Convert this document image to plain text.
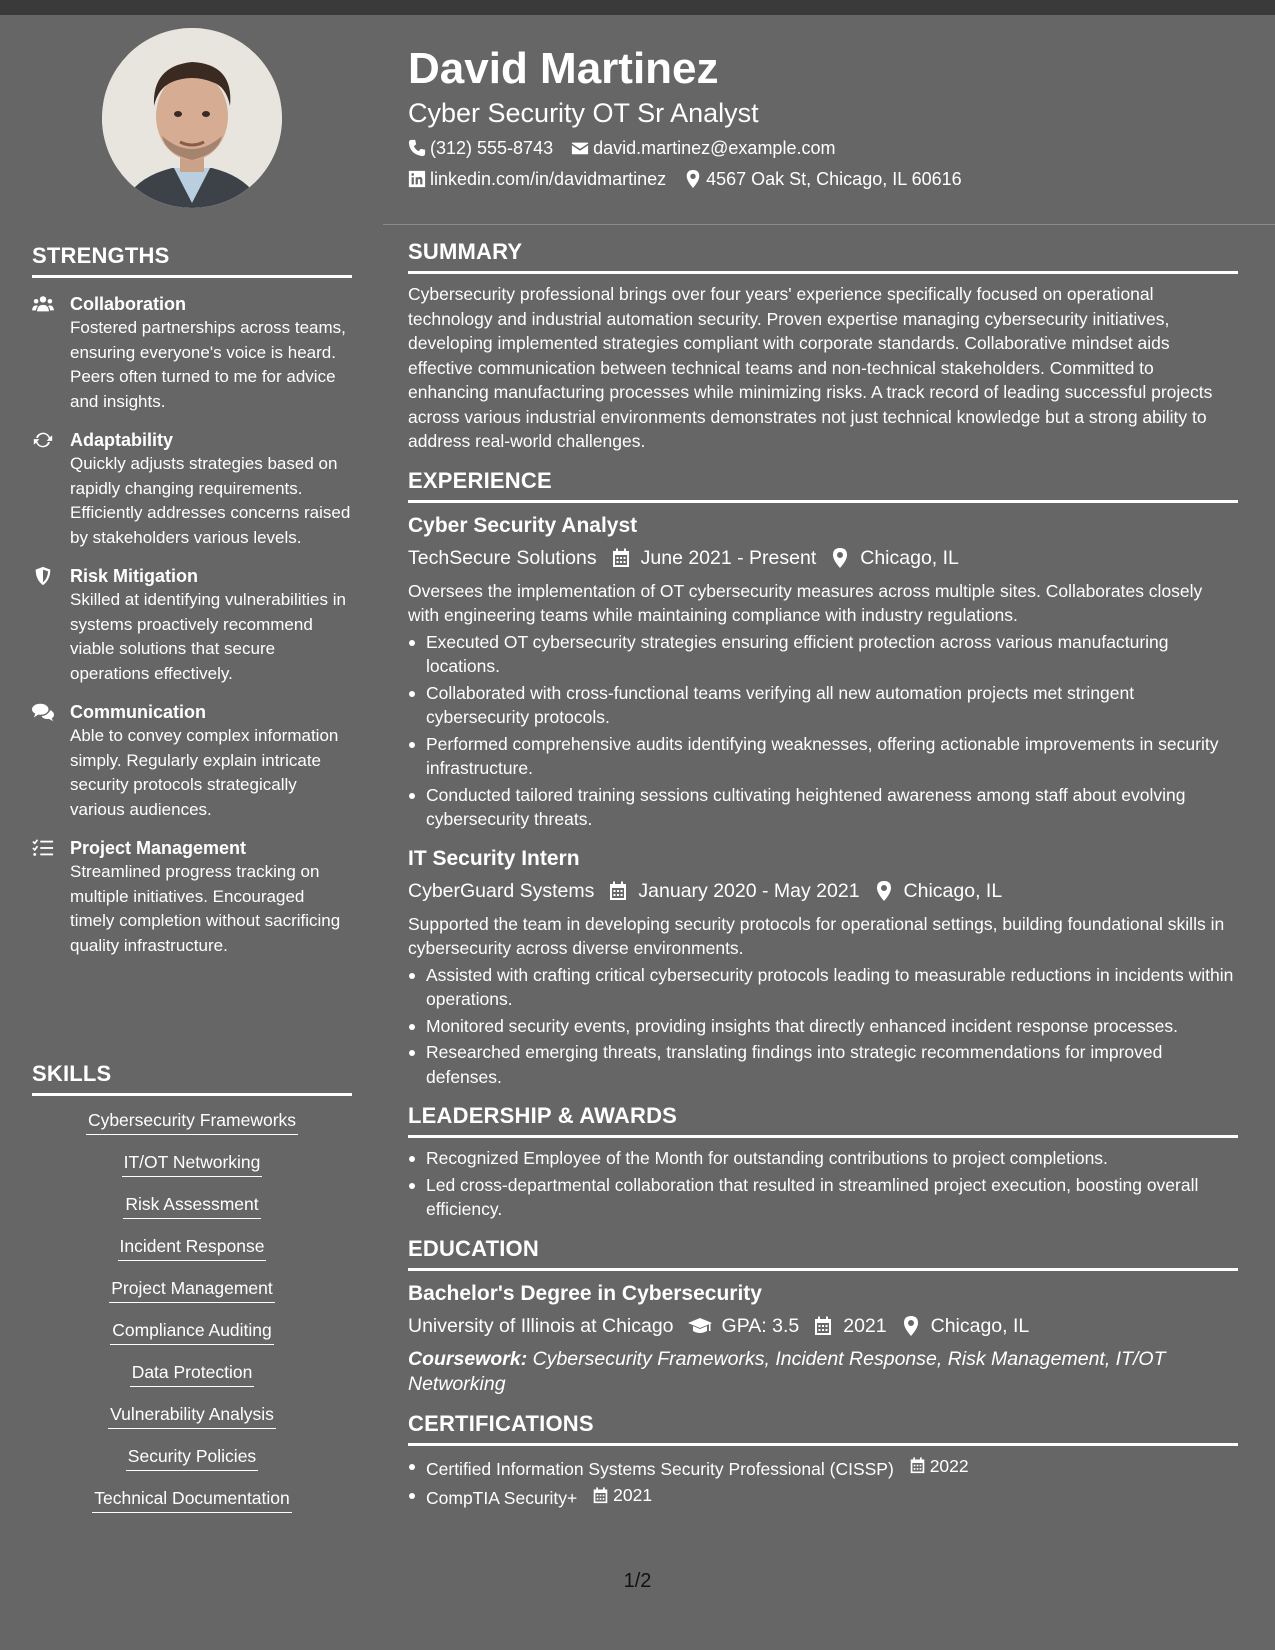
STRENGTHS
Collaboration
Fostered partnerships across teams, ensuring everyone's voice is heard. Peers often turned to me for advice and insights.
Adaptability
Quickly adjusts strategies based on rapidly changing requirements. Efficiently addresses concerns raised by stakeholders various levels.
Risk Mitigation
Skilled at identifying vulnerabilities in systems proactively recommend viable solutions that secure operations effectively.
Communication
Able to convey complex information simply. Regularly explain intricate security protocols strategically various audiences.
Project Management
Streamlined progress tracking on multiple initiatives. Encouraged timely completion without sacrificing quality infrastructure.
SKILLS
Cybersecurity Frameworks
IT/OT Networking
Risk Assessment
Incident Response
Project Management
Compliance Auditing
Data Protection
Vulnerability Analysis
Security Policies
Technical Documentation
David Martinez
Cyber Security OT Sr Analyst
(312) 555-8743 david.martinez@example.com
linkedin.com/in/davidmartinez 4567 Oak St, Chicago, IL 60616
SUMMARY
Cybersecurity professional brings over four years' experience specifically focused on operational technology and industrial automation security. Proven expertise managing cybersecurity initiatives, developing implemented strategies compliant with corporate standards. Collaborative mindset aids effective communication between technical teams and non-technical stakeholders. Committed to enhancing manufacturing processes while minimizing risks. A track record of leading successful projects across various industrial environments demonstrates not just technical knowledge but a strong ability to address real-world challenges.
EXPERIENCE
Cyber Security Analyst
TechSecure Solutions June 2021 - Present Chicago, IL
Oversees the implementation of OT cybersecurity measures across multiple sites. Collaborates closely with engineering teams while maintaining compliance with industry regulations.
Executed OT cybersecurity strategies ensuring efficient protection across various manufacturing locations.
Collaborated with cross-functional teams verifying all new automation projects met stringent cybersecurity protocols.
Performed comprehensive audits identifying weaknesses, offering actionable improvements in security infrastructure.
Conducted tailored training sessions cultivating heightened awareness among staff about evolving cybersecurity threats.
IT Security Intern
CyberGuard Systems January 2020 - May 2021 Chicago, IL
Supported the team in developing security protocols for operational settings, building foundational skills in cybersecurity across diverse environments.
Assisted with crafting critical cybersecurity protocols leading to measurable reductions in incidents within operations.
Monitored security events, providing insights that directly enhanced incident response processes.
Researched emerging threats, translating findings into strategic recommendations for improved defenses.
LEADERSHIP & AWARDS
Recognized Employee of the Month for outstanding contributions to project completions.
Led cross-departmental collaboration that resulted in streamlined project execution, boosting overall efficiency.
EDUCATION
Bachelor's Degree in Cybersecurity
University of Illinois at Chicago GPA: 3.5 2021 Chicago, IL
Coursework: Cybersecurity Frameworks, Incident Response, Risk Management, IT/OT Networking
CERTIFICATIONS
Certified Information Systems Security Professional (CISSP) 2022
CompTIA Security+ 2021
1/2
